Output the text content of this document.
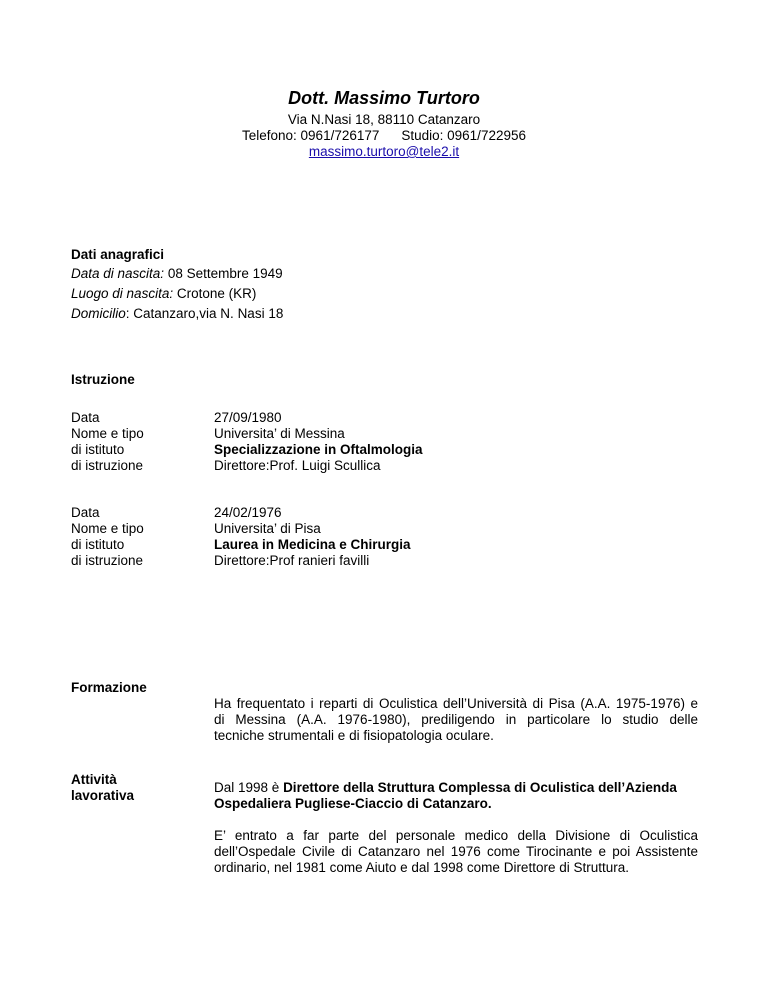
Dott. Massimo Turtoro
Via N.Nasi 18, 88110 Catanzaro
Telefono: 0961/726177 Studio: 0961/722956
massimo.turtoro@tele2.it
Dati anagrafici
Data di nascita: 08 Settembre 1949
Luogo di nascita: Crotone (KR)
Domicilio: Catanzaro,via N. Nasi 18
Istruzione
Data
Nome e tipo
di istituto
di istruzione
27/09/1980
Universita’ di Messina
Specializzazione in Oftalmologia
Direttore:Prof. Luigi Scullica
Data
Nome e tipo
di istituto
di istruzione
24/02/1976
Universita’ di Pisa
Laurea in Medicina e Chirurgia
Direttore:Prof ranieri favilli
Formazione
Ha frequentato i reparti di Oculistica dell’Università di Pisa (A.A. 1975-1976) e
di Messina (A.A. 1976-1980), prediligendo in particolare lo studio delle
tecniche strumentali e di fisiopatologia oculare.
Attività
lavorativa
Dal 1998 è Direttore della Struttura Complessa di Oculistica dell’Azienda
Ospedaliera Pugliese-Ciaccio di Catanzaro.
E’ entrato a far parte del personale medico della Divisione di Oculistica
dell’Ospedale Civile di Catanzaro nel 1976 come Tirocinante e poi Assistente
ordinario, nel 1981 come Aiuto e dal 1998 come Direttore di Struttura.
